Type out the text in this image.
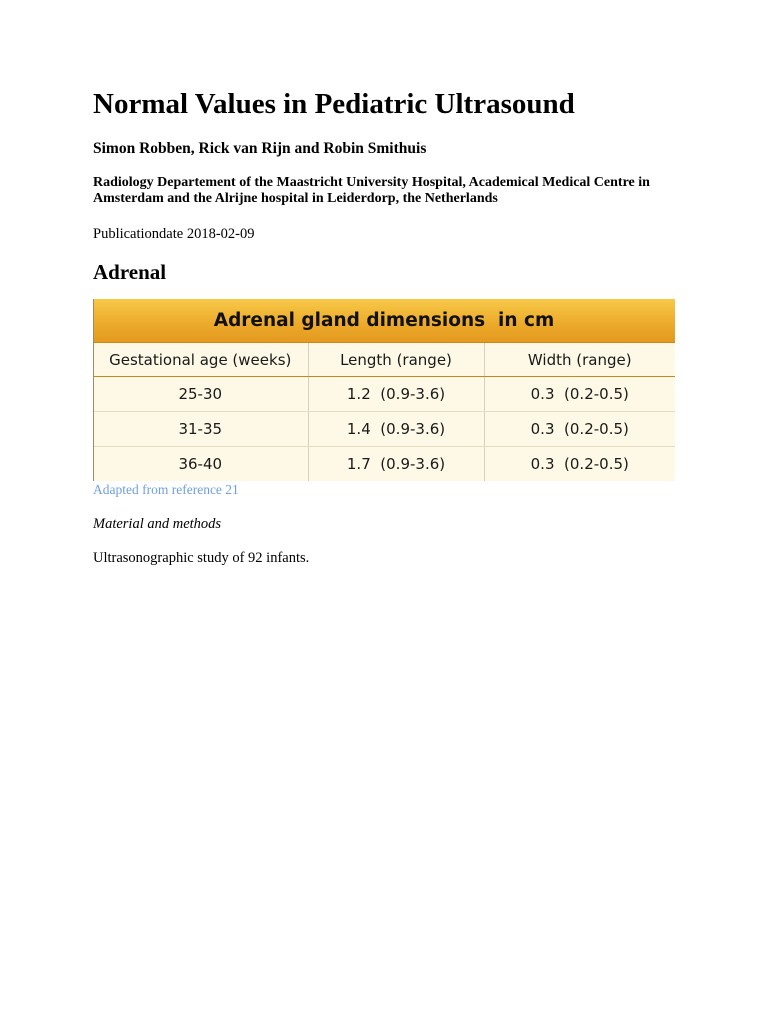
Normal Values in Pediatric Ultrasound

Simon Robben, Rick van Rijn and Robin Smithuis

Radiology Departement of the Maastricht University Hospital, Academical Medical Centre in Amsterdam and the Alrijne hospital in Leiderdorp, the Netherlands

Publicationdate 2018-02-09

Adrenal
Adrenal gland dimensions  in cm
Gestational age (weeks)	Length (range)	Width (range)
25-30	1.2  (0.9-3.6)	0.3  (0.2-0.5)
31-35	1.4  (0.9-3.6)	0.3  (0.2-0.5)
36-40	1.7  (0.9-3.6)	0.3  (0.2-0.5)
Adapted from reference 21

Material and methods

Ultrasonographic study of 92 infants.
